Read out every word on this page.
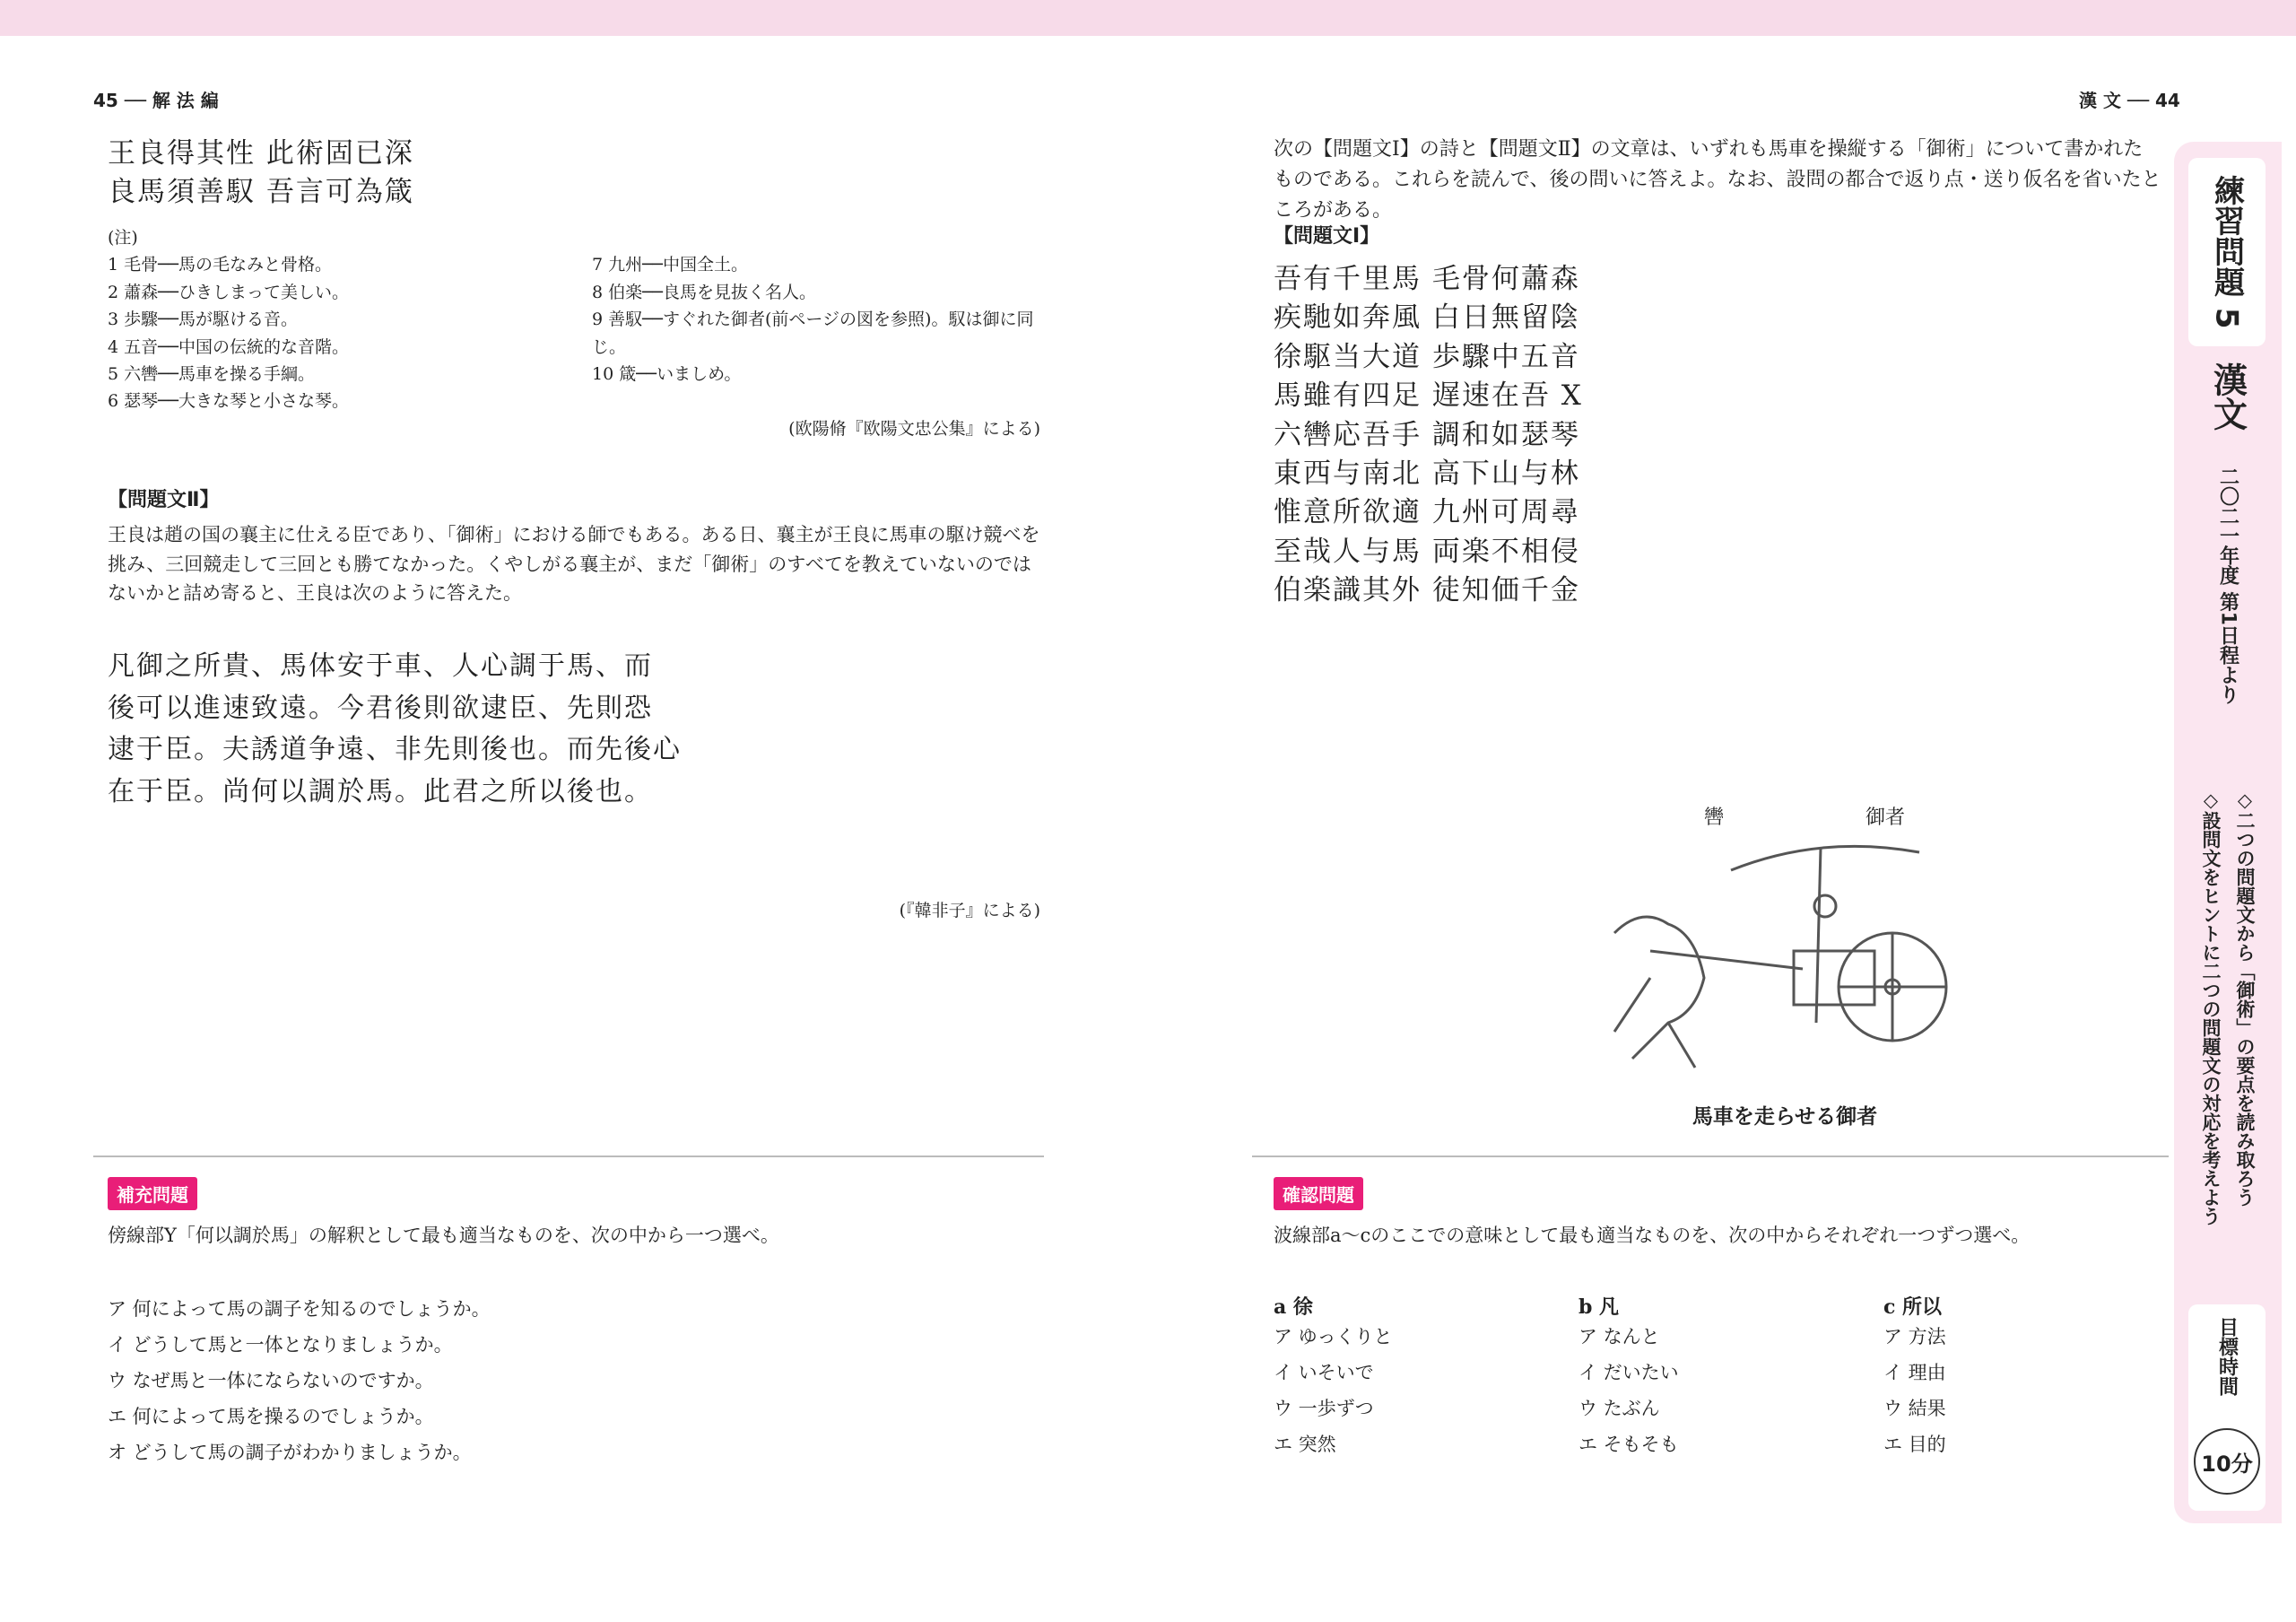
45 ── 解 法 編	漢 文 ── 44
練習問題 5
漢文
二〇二一年度 第1日程より
◇二つの問題文から「御術」の要点を読み取ろう
◇設問文をヒントに二つの問題文の対応を考えよう
目標時間
10分
次の【問題文Ⅰ】の詩と【問題文Ⅱ】の文章は、いずれも馬車を操縦する「御術」について書かれたものである。これらを読んで、後の問いに答えよ。なお、設問の都合で返り点・送り仮名を省いたところがある。
【問題文Ⅰ】
吾有千里馬 毛骨何蕭森
疾馳如奔風 白日無留陰
徐駆当大道 歩驟中五音
馬雖有四足 遅速在吾 X
六轡応吾手 調和如瑟琴
東西与南北 高下山与林
惟意所欲適 九州可周尋
至哉人与馬 両楽不相侵
伯楽識其外 徒知価千金
轡	御者
馬車を走らせる御者
王良得其性 此術固已深
良馬須善馭 吾言可為箴
(注)
1 毛骨──馬の毛なみと骨格。
2 蕭森──ひきしまって美しい。
3 歩驟──馬が駆ける音。
4 五音──中国の伝統的な音階。
5 六轡──馬車を操る手綱。
6 瑟琴──大きな琴と小さな琴。
7 九州──中国全土。
8 伯楽──良馬を見抜く名人。
9 善馭──すぐれた御者(前ページの図を参照)。馭は御に同じ。
10 箴──いましめ。
(欧陽脩『欧陽文忠公集』による)
【問題文Ⅱ】
王良は趙の国の襄主に仕える臣であり、「御術」における師でもある。ある日、襄主が王良に馬車の駆け競べを挑み、三回競走して三回とも勝てなかった。くやしがる襄主が、まだ「御術」のすべてを教えていないのではないかと詰め寄ると、王良は次のように答えた。
凡御之所貴、馬体安于車、人心調于馬、而
後可以進速致遠。今君後則欲逮臣、先則恐
逮于臣。夫誘道争遠、非先則後也。而先後心
在于臣。尚何以調於馬。此君之所以後也。
(『韓非子』による)
確認問題
波線部a〜cのここでの意味として最も適当なものを、次の中からそれぞれ一つずつ選べ。
a 徐
ア ゆっくりと
イ いそいで
ウ 一歩ずつ
エ 突然
b 凡
ア なんと
イ だいたい
ウ たぶん
エ そもそも
c 所以
ア 方法
イ 理由
ウ 結果
エ 目的
補充問題
傍線部Y「何以調於馬」の解釈として最も適当なものを、次の中から一つ選べ。
ア 何によって馬の調子を知るのでしょうか。
イ どうして馬と一体となりましょうか。
ウ なぜ馬と一体にならないのですか。
エ 何によって馬を操るのでしょうか。
オ どうして馬の調子がわかりましょうか。
